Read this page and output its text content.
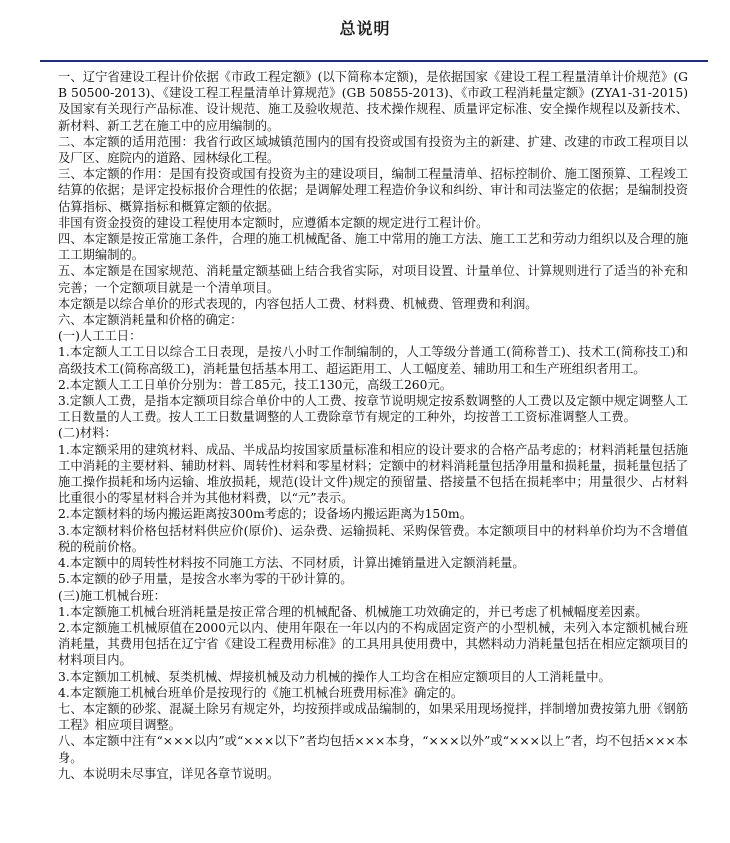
总说明

一、辽宁省建设工程计价依据《市政工程定额》(以下简称本定额)，是依据国家《建设工程工程量清单计价规范》(GB 50500-2013)、《建设工程工程量清单计算规范》(GB 50855-2013)、《市政工程消耗量定额》(ZYA1-31-2015)及国家有关现行产品标准、设计规范、施工及验收规范、技术操作规程、质量评定标准、安全操作规程以及新技术、新材料、新工艺在施工中的应用编制的。

二、本定额的适用范围：我省行政区域城镇范围内的国有投资或国有投资为主的新建、扩建、改建的市政工程项目以及厂区、庭院内的道路、园林绿化工程。

三、本定额的作用：是国有投资或国有投资为主的建设项目，编制工程量清单、招标控制价、施工图预算、工程竣工结算的依据；是评定投标报价合理性的依据；是调解处理工程造价争议和纠纷、审计和司法鉴定的依据；是编制投资估算指标、概算指标和概算定额的依据。

非国有资金投资的建设工程使用本定额时，应遵循本定额的规定进行工程计价。

四、本定额是按正常施工条件，合理的施工机械配备、施工中常用的施工方法、施工工艺和劳动力组织以及合理的施工工期编制的。

五、本定额是在国家规范、消耗量定额基础上结合我省实际，对项目设置、计量单位、计算规则进行了适当的补充和完善；一个定额项目就是一个清单项目。

本定额是以综合单价的形式表现的，内容包括人工费、材料费、机械费、管理费和利润。

六、本定额消耗量和价格的确定：

(一)人工工日：

1.本定额人工工日以综合工日表现，是按八小时工作制编制的，人工等级分普通工(简称普工)、技术工(简称技工)和高级技术工(简称高级工)，消耗量包括基本用工、超运距用工、人工幅度差、辅助用工和生产班组织者用工。

2.本定额人工工日单价分别为：普工85元，技工130元，高级工260元。

3.定额人工费，是指本定额项目综合单价中的人工费、按章节说明规定按系数调整的人工费以及定额中规定调整人工工日数量的人工费。按人工工日数量调整的人工费除章节有规定的工种外，均按普工工资标准调整人工费。

(二)材料：

1.本定额采用的建筑材料、成品、半成品均按国家质量标准和相应的设计要求的合格产品考虑的；材料消耗量包括施工中消耗的主要材料、辅助材料、周转性材料和零星材料；定额中的材料消耗量包括净用量和损耗量，损耗量包括了施工操作损耗和场内运输、堆放损耗，规范(设计文件)规定的预留量、搭接量不包括在损耗率中；用量很少、占材料比重很小的零星材料合并为其他材料费，以“元”表示。

2.本定额材料的场内搬运距离按300m考虑的；设备场内搬运距离为150m。

3.本定额材料价格包括材料供应价(原价)、运杂费、运输损耗、采购保管费。本定额项目中的材料单价均为不含增值税的税前价格。

4.本定额中的周转性材料按不同施工方法、不同材质，计算出摊销量进入定额消耗量。

5.本定额的砂子用量，是按含水率为零的干砂计算的。

(三)施工机械台班：

1.本定额施工机械台班消耗量是按正常合理的机械配备、机械施工功效确定的，并已考虑了机械幅度差因素。

2.本定额施工机械原值在2000元以内、使用年限在一年以内的不构成固定资产的小型机械，未列入本定额机械台班消耗量，其费用包括在辽宁省《建设工程费用标准》的工具用具使用费中，其燃料动力消耗量包括在相应定额项目的材料项目内。

3.本定额加工机械、泵类机械、焊接机械及动力机械的操作人工均含在相应定额项目的人工消耗量中。

4.本定额施工机械台班单价是按现行的《施工机械台班费用标准》确定的。

七、本定额的砂浆、混凝土除另有规定外，均按预拌或成品编制的，如果采用现场搅拌，拌制增加费按第九册《钢筋工程》相应项目调整。

八、本定额中注有“×××以内”或“×××以下”者均包括×××本身，“×××以外”或“×××以上”者，均不包括×××本身。

九、本说明未尽事宜，详见各章节说明。
